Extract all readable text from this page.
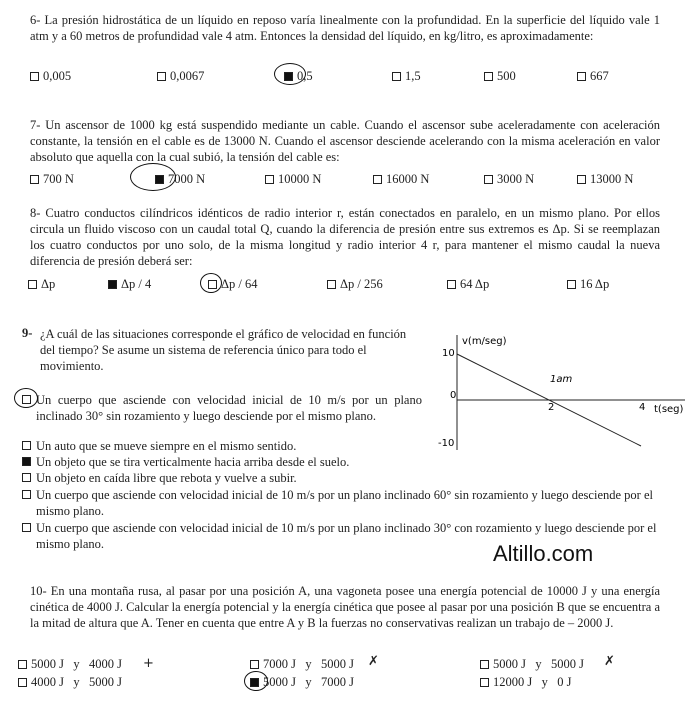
6- La presión hidrostática de un líquido en reposo varía linealmente con la profundidad. En la superficie del líquido vale 1 atm y a 60 metros de profundidad vale 4 atm. Entonces la densidad del líquido, en kg/litro, es aproximadamente:
0,005	0,0067	0,5	1,5	500	667
7- Un ascensor de 1000 kg está suspendido mediante un cable. Cuando el ascensor sube aceleradamente con aceleración constante, la tensión en el cable es de 13000 N. Cuando el ascensor desciende acelerando con la misma aceleración en valor absoluto que aquella con la cual subió, la tensión del cable es:
700 N	7000 N	10000 N	16000 N	3000 N	13000 N
8- Cuatro conductos cilíndricos idénticos de radio interior r, están conectados en paralelo, en un mismo plano. Por ellos circula un fluido viscoso con un caudal total Q, cuando la diferencia de presión entre sus extremos es Δp. Si se reemplazan los cuatro conductos por uno solo, de la misma longitud y radio interior 4 r, para mantener el mismo caudal la nueva diferencia de presión deberá ser:
Δp	Δp / 4	Δp / 64	Δp / 256	64 Δp	16 Δp
9- ¿A cuál de las situaciones corresponde el gráfico de velocidad en función del tiempo? Se asume un sistema de referencia único para todo el movimiento.
v(m/seg)
t(seg)
10
0
-10
2	4
1am
Un cuerpo que asciende con velocidad inicial de 10 m/s por un plano inclinado 30° sin rozamiento y luego desciende por el mismo plano.
Un auto que se mueve siempre en el mismo sentido.
Un objeto que se tira verticalmente hacia arriba desde el suelo.
Un objeto en caída libre que rebota y vuelve a subir.
Un cuerpo que asciende con velocidad inicial de 10 m/s por un plano inclinado 60° sin rozamiento y luego desciende por el mismo plano.
Un cuerpo que asciende con velocidad inicial de 10 m/s por un plano inclinado 30° con rozamiento y luego desciende por el mismo plano.	Altillo.com
10- En una montaña rusa, al pasar por una posición A, una vagoneta posee una energía potencial de 10000 J y una energía cinética de 4000 J. Calcular la energía potencial y la energía cinética que posee al pasar por una posición B que se encuentra a la mitad de altura que A. Tener en cuenta que entre A y B la fuerzas no conservativas realizan un trabajo de – 2000 J.
5000 J   y   4000 J	7000 J   y   5000 J	5000 J   y   5000 J
4000 J   y   5000 J	5000 J   y   7000 J	12000 J   y   0 J
+	✗	✗
